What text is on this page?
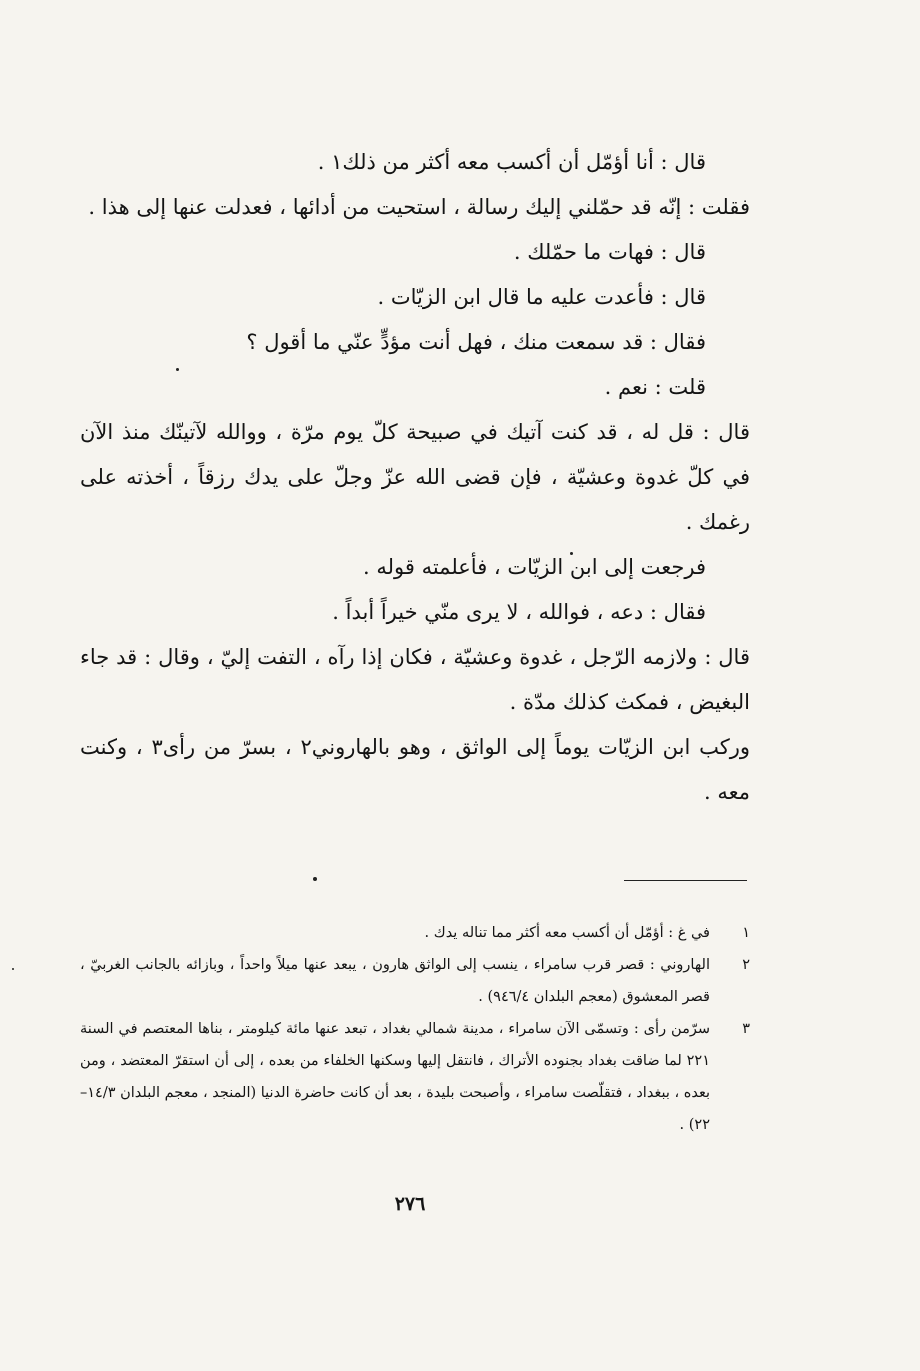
قال : أنا أؤمّل أن أكسب معه أكثر من ذلك١ .

فقلت : إنّه قد حمّلني إليك رسالة ، استحيت من أدائها ، فعدلت عنها إلى هذا .

قال : فهات ما حمّلك .

قال : فأعدت عليه ما قال ابن الزيّات .

فقال : قد سمعت منك ، فهل أنت مؤدٍّ عنّي ما أقول ؟

قلت : نعم .

قال : قل له ، قد كنت آتيك في صبيحة كلّ يوم مرّة ، ووالله لآتينّك منذ الآن في كلّ غدوة وعشيّة ، فإن قضى الله عزّ وجلّ على يدك رزقاً ، أخذته على رغمك .

فرجعت إلى ابن الزيّات ، فأعلمته قوله .

فقال : دعه ، فوالله ، لا يرى منّي خيراً أبداً .

قال : ولازمه الرّجل ، غدوة وعشيّة ، فكان إذا رآه ، التفت إليّ ، وقال : قد جاء البغيض ، فمكث كذلك مدّة .

وركب ابن الزيّات يوماً إلى الواثق ، وهو بالهاروني٢ ، بسرّ من رأى٣ ، وكنت معه .

١
في غ : أؤمّل أن أكسب معه أكثر مما تناله يدك .
٢
الهاروني : قصر قرب سامراء ، ينسب إلى الواثق هارون ، يبعد عنها ميلاً واحداً ، وبازائه بالجانب الغربيّ ، قصر المعشوق (معجم البلدان ٩٤٦/٤) .
٣
سرّمن رأى : وتسمّى الآن سامراء ، مدينة شمالي بغداد ، تبعد عنها مائة كيلومتر ، بناها المعتصم في السنة ٢٢١ لما ضاقت بغداد بجنوده الأتراك ، فانتقل إليها وسكنها الخلفاء من بعده ، إلى أن استقرّ المعتضد ، ومن بعده ، ببغداد ، فتقلّصت سامراء ، وأصبحت بليدة ، بعد أن كانت حاضرة الدنيا (المنجد ، معجم البلدان ١٤/٣–٢٢) .
٢٧٦
